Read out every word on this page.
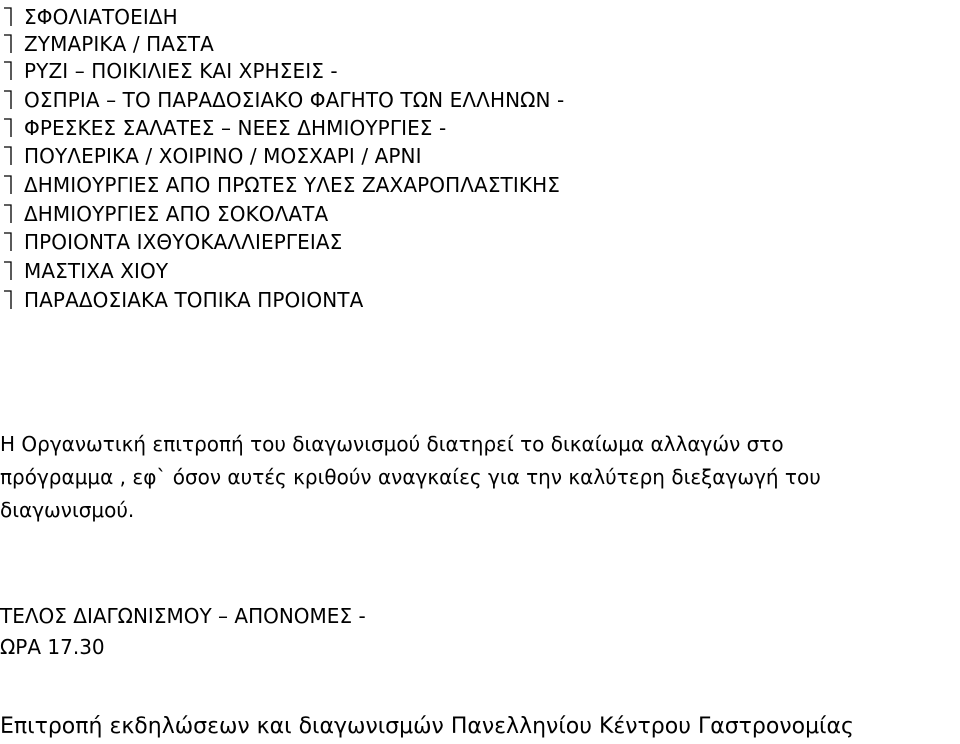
ΣΦΟΛΙΑΤΟΕΙΔΗ
ΖΥΜΑΡΙΚΑ / ΠΑΣΤΑ
ΡΥΖΙ – ΠΟΙΚΙΛΙΕΣ ΚΑΙ ΧΡΗΣΕΙΣ -
ΟΣΠΡΙΑ – ΤΟ ΠΑΡΑΔΟΣΙΑΚΟ ΦΑΓΗΤΟ ΤΩΝ ΕΛΛΗΝΩΝ -
ΦΡΕΣΚΕΣ ΣΑΛΑΤΕΣ – ΝΕΕΣ ΔΗΜΙΟΥΡΓΙΕΣ -
ΠΟΥΛΕΡΙΚΑ / ΧΟΙΡΙΝΟ / ΜΟΣΧΑΡΙ / ΑΡΝΙ
ΔΗΜΙΟΥΡΓΙΕΣ ΑΠΟ ΠΡΩΤΕΣ ΥΛΕΣ ΖΑΧΑΡΟΠΛΑΣΤΙΚΗΣ
ΔΗΜΙΟΥΡΓΙΕΣ ΑΠΟ ΣΟΚΟΛΑΤΑ
ΠΡΟΙΟΝΤΑ ΙΧΘΥΟΚΑΛΛΙΕΡΓΕΙΑΣ
ΜΑΣΤΙΧΑ ΧΙΟΥ
ΠΑΡΑΔΟΣΙΑΚΑ ΤΟΠΙΚΑ ΠΡΟΙΟΝΤΑ
Η Οργανωτική επιτροπή του διαγωνισμού διατηρεί το δικαίωμα αλλαγών στο
πρόγραμμα , εφ` όσον αυτές κριθούν αναγκαίες για την καλύτερη διεξαγωγή του
διαγωνισμού.
ΤΕΛΟΣ ΔΙΑΓΩΝΙΣΜΟΥ – ΑΠΟΝΟΜΕΣ -
ΩΡΑ 17.30
Επιτροπή εκδηλώσεων και διαγωνισμών Πανελληνίου Κέντρου Γαστρονομίας
